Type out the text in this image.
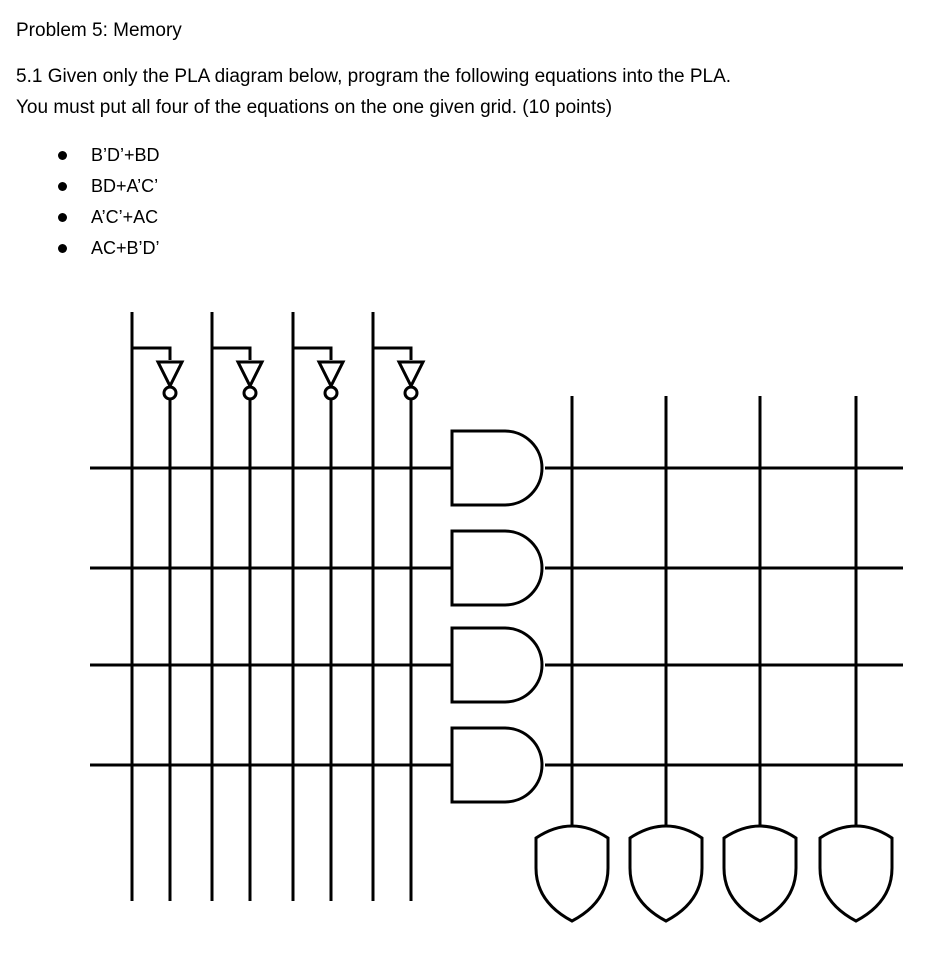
Problem 5: Memory
5.1 Given only the PLA diagram below, program the following equations into the PLA.
You must put all four of the equations on the one given grid. (10 points)
B’D’+BD
BD+A’C’
A’C’+AC
AC+B’D’
